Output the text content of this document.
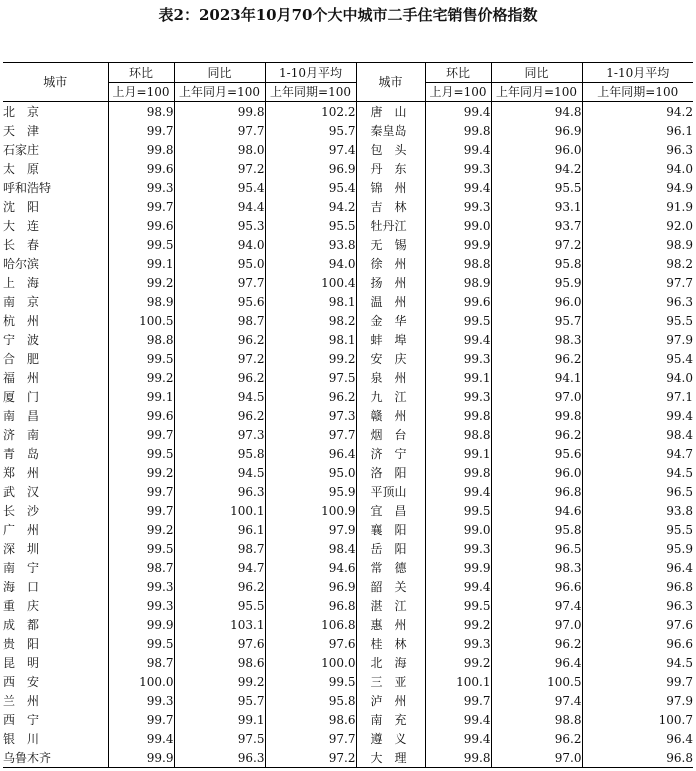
表2：2023年10月70个大中城市二手住宅销售价格指数
城市	环比	同比	1-10月平均	城市	环比	同比	1-10月平均
	上月=100	上年同月=100	上年同期=100		上月=100	上年同月=100	上年同期=100
北　京	98.9	99.8	102.2	唐　山	99.4	94.8	94.2
天　津	99.7	97.7	95.7	秦皇岛	99.8	96.9	96.1
石家庄	99.8	98.0	97.4	包　头	99.4	96.0	96.3
太　原	99.6	97.2	96.9	丹　东	99.3	94.2	94.0
呼和浩特	99.3	95.4	95.4	锦　州	99.4	95.5	94.9
沈　阳	99.7	94.4	94.2	吉　林	99.3	93.1	91.9
大　连	99.6	95.3	95.5	牡丹江	99.0	93.7	92.0
长　春	99.5	94.0	93.8	无　锡	99.9	97.2	98.9
哈尔滨	99.1	95.0	94.0	徐　州	98.8	95.8	98.2
上　海	99.2	97.7	100.4	扬　州	98.9	95.9	97.7
南　京	98.9	95.6	98.1	温　州	99.6	96.0	96.3
杭　州	100.5	98.7	98.2	金　华	99.5	95.7	95.5
宁　波	98.8	96.2	98.1	蚌　埠	99.4	98.3	97.9
合　肥	99.5	97.2	99.2	安　庆	99.3	96.2	95.4
福　州	99.2	96.2	97.5	泉　州	99.1	94.1	94.0
厦　门	99.1	94.5	96.2	九　江	99.3	97.0	97.1
南　昌	99.6	96.2	97.3	赣　州	99.8	99.8	99.4
济　南	99.7	97.3	97.7	烟　台	98.8	96.2	98.4
青　岛	99.5	95.8	96.4	济　宁	99.1	95.6	94.7
郑　州	99.2	94.5	95.0	洛　阳	99.8	96.0	94.5
武　汉	99.7	96.3	95.9	平顶山	99.4	96.8	96.5
长　沙	99.7	100.1	100.9	宜　昌	99.5	94.6	93.8
广　州	99.2	96.1	97.9	襄　阳	99.0	95.8	95.5
深　圳	99.5	98.7	98.4	岳　阳	99.3	96.5	95.9
南　宁	98.7	94.7	94.6	常　德	99.9	98.3	96.4
海　口	99.3	96.2	96.9	韶　关	99.4	96.6	96.8
重　庆	99.3	95.5	96.8	湛　江	99.5	97.4	96.3
成　都	99.9	103.1	106.8	惠　州	99.2	97.0	97.6
贵　阳	99.5	97.6	97.6	桂　林	99.3	96.2	96.6
昆　明	98.7	98.6	100.0	北　海	99.2	96.4	94.5
西　安	100.0	99.2	99.5	三　亚	100.1	100.5	99.7
兰　州	99.3	95.7	95.8	泸　州	99.7	97.4	97.9
西　宁	99.7	99.1	98.6	南　充	99.4	98.8	100.7
银　川	99.4	97.5	97.7	遵　义	99.4	96.2	96.4
乌鲁木齐	99.9	96.3	97.2	大　理	99.8	97.0	96.8
